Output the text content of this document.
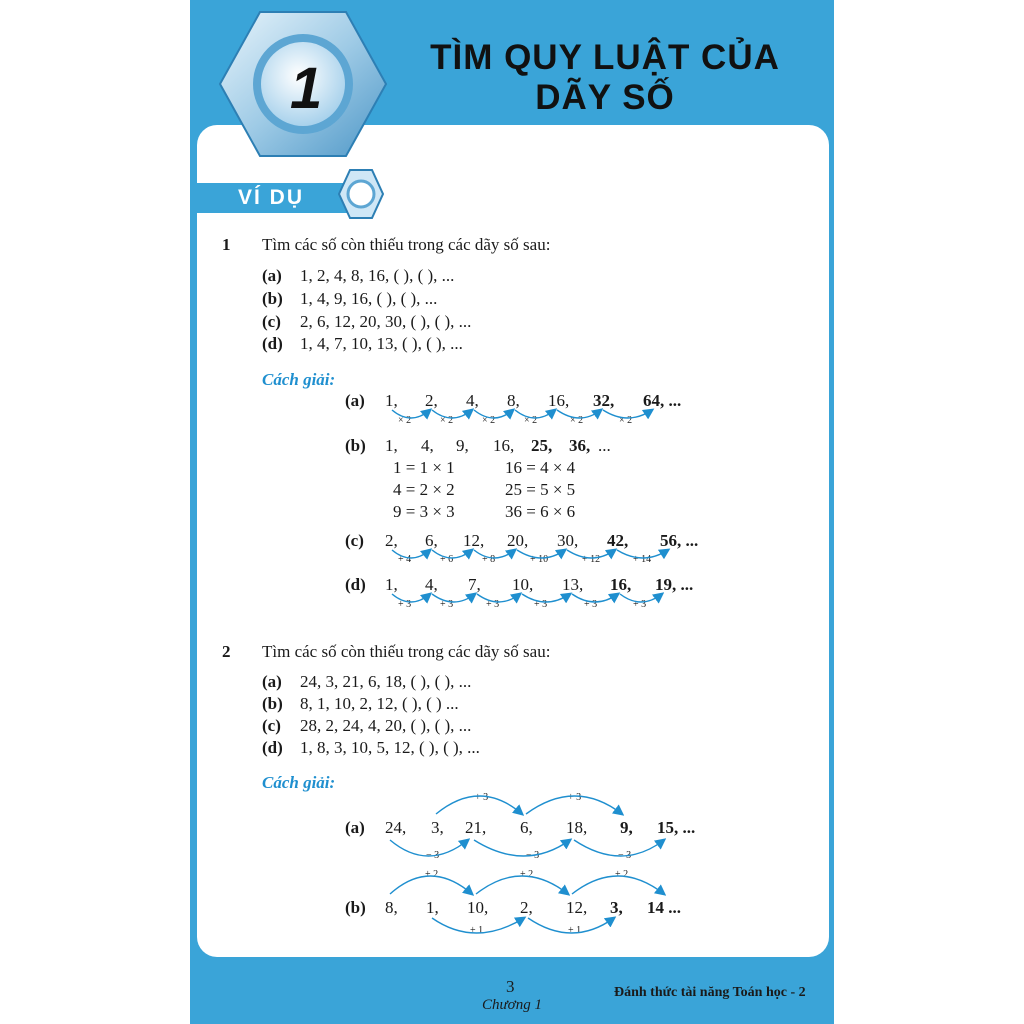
1	TÌM QUY LUẬT CỦA
DÃY SỐ
VÍ DỤ
1 Tìm các số còn thiếu trong các dãy số sau:
(a) 1, 2, 4, 8, 16, ( ), ( ), ...
(b) 1, 4, 9, 16, ( ), ( ), ...
(c) 2, 6, 12, 20, 30, ( ), ( ), ...
(d) 1, 4, 7, 10, 13, ( ), ( ), ...
Cách giải:
(a) 1, 2, 4, 8, 16, 32, 64, ...
× 2	× 2	× 2	× 2	× 2	× 2
(b) 1, 4, 9, 16, 25, 36, ...
1 = 1 × 1
4 = 2 × 2
9 = 3 × 3
16 = 4 × 4
25 = 5 × 5
36 = 6 × 6
(c) 2, 6, 12, 20, 30, 42, 56, ...
+ 4	+ 6	+ 8	+ 10	+ 12	+ 14
(d) 1, 4, 7, 10, 13, 16, 19, ...
+ 3	+ 3	+ 3	+ 3	+ 3	+ 3
2 Tìm các số còn thiếu trong các dãy số sau:
(a) 24, 3, 21, 6, 18, ( ), ( ), ...
(b) 8, 1, 10, 2, 12, ( ), ( ) ...
(c) 28, 2, 24, 4, 20, ( ), ( ), ...
(d) 1, 8, 3, 10, 5, 12, ( ), ( ), ...
Cách giải:
(a) 24, 3, 21, 6, 18, 9, 15, ...
+ 3	+ 3
− 3	− 3	− 3
(b) 8, 1, 10, 2, 12, 3, 14 ...
+ 2	+ 2	+ 2
+ 1	+ 1
3
Chương 1
Đánh thức tài năng Toán học - 2
